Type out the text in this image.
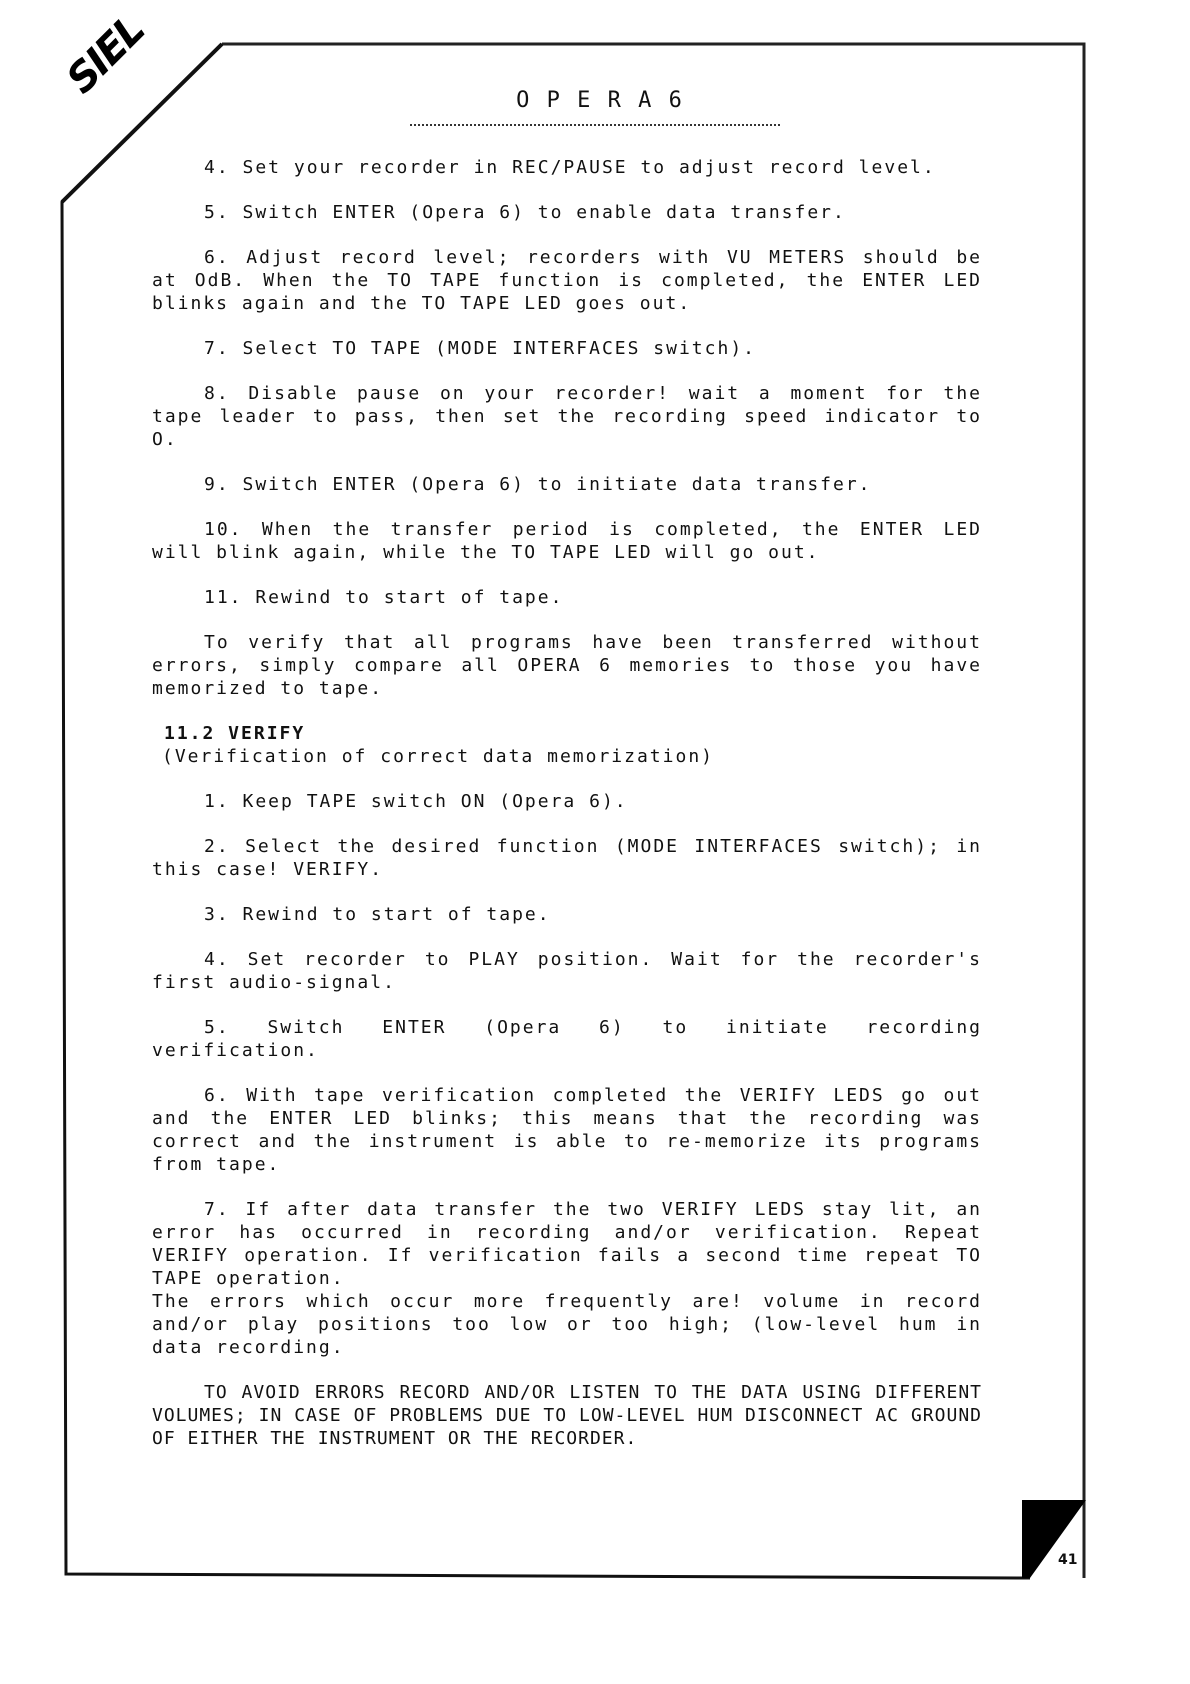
SIEL	O P E R A 6

4. Set your recorder in REC/PAUSE to adjust record level.

5. Switch ENTER (Opera 6) to enable data transfer.

6. Adjust record level; recorders with VU METERS should be at OdB. When the TO TAPE function is completed, the ENTER LED blinks again and the TO TAPE LED goes out.

7. Select TO TAPE (MODE INTERFACES switch).

8. Disable pause on your recorder! wait a moment for the tape leader to pass, then set the recording speed indicator to O.

9. Switch ENTER (Opera 6) to initiate data transfer.

10. When the transfer period is completed, the ENTER LED will blink again, while the TO TAPE LED will go out.

11. Rewind to start of tape.

To verify that all programs have been transferred without errors, simply compare all OPERA 6 memories to those you have memorized to tape.

11.2 VERIFY

(Verification of correct data memorization)

1. Keep TAPE switch ON (Opera 6).

2. Select the desired function (MODE INTERFACES switch); in this case! VERIFY.

3. Rewind to start of tape.

4. Set recorder to PLAY position. Wait for the recorder's first audio-signal.

5. Switch ENTER (Opera 6) to initiate recording verification.

6. With tape verification completed the VERIFY LEDS go out and the ENTER LED blinks; this means that the recording was correct and the instrument is able to re-memorize its programs from tape.

7. If after data transfer the two VERIFY LEDS stay lit, an error has occurred in recording and/or verification. Repeat VERIFY operation. If verification fails a second time repeat TO TAPE operation.

The errors which occur more frequently are! volume in record and/or play positions too low or too high; (low-level hum in data recording.

TO AVOID ERRORS RECORD AND/OR LISTEN TO THE DATA USING DIFFERENT VOLUMES; IN CASE OF PROBLEMS DUE TO LOW-LEVEL HUM DISCONNECT AC GROUND OF EITHER THE INSTRUMENT OR THE RECORDER.

41
